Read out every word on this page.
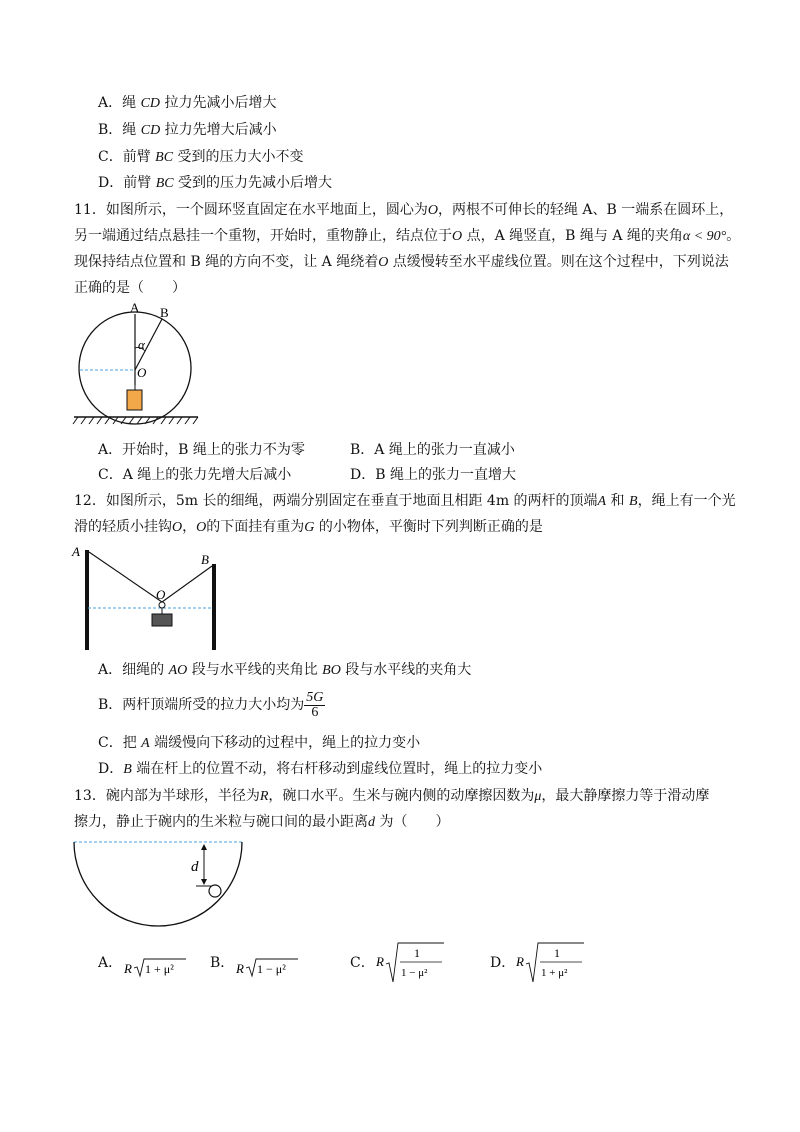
A．绳 CD 拉力先减小后增大
B．绳 CD 拉力先增大后减小
C．前臂 BC 受到的压力大小不变
D．前臂 BC 受到的压力先减小后增大
11．如图所示，一个圆环竖直固定在水平地面上，圆心为O，两根不可伸长的轻绳 A、B 一端系在圆环上，
另一端通过结点悬挂一个重物，开始时，重物静止，结点位于O 点，A 绳竖直，B 绳与 A 绳的夹角α < 90°。
现保持结点位置和 B 绳的方向不变，让 A 绳绕着O 点缓慢转至水平虚线位置。则在这个过程中，下列说法
正确的是（　　）
A B
α
O
A．开始时，B 绳上的张力不为零	B．A 绳上的张力一直减小
C．A 绳上的张力先增大后减小	D．B 绳上的张力一直增大
12．如图所示，5m 长的细绳，两端分别固定在垂直于地面且相距 4m 的两杆的顶端A 和 B，绳上有一个光
滑的轻质小挂钩O，O的下面挂有重为G 的小物体，平衡时下列判断正确的是
A
B
O
A．细绳的 AO 段与水平线的夹角比 BO 段与水平线的夹角大
B．两杆顶端所受的拉力大小均为 $\frac{5G}{6}$
C．把 A 端缓慢向下移动的过程中，绳上的拉力变小
D．B 端在杆上的位置不动，将右杆移动到虚线位置时，绳上的拉力变小
13．碗内部为半球形，半径为R，碗口水平。生米与碗内侧的动摩擦因数为μ，最大静摩擦力等于滑动摩
擦力，静止于碗内的生米粒与碗口间的最小距离d 为（　　）
d
A． R 1 + μ²	B． R 1 − μ²	C． R
1
1 − μ²
D． R
1
1 + μ²
